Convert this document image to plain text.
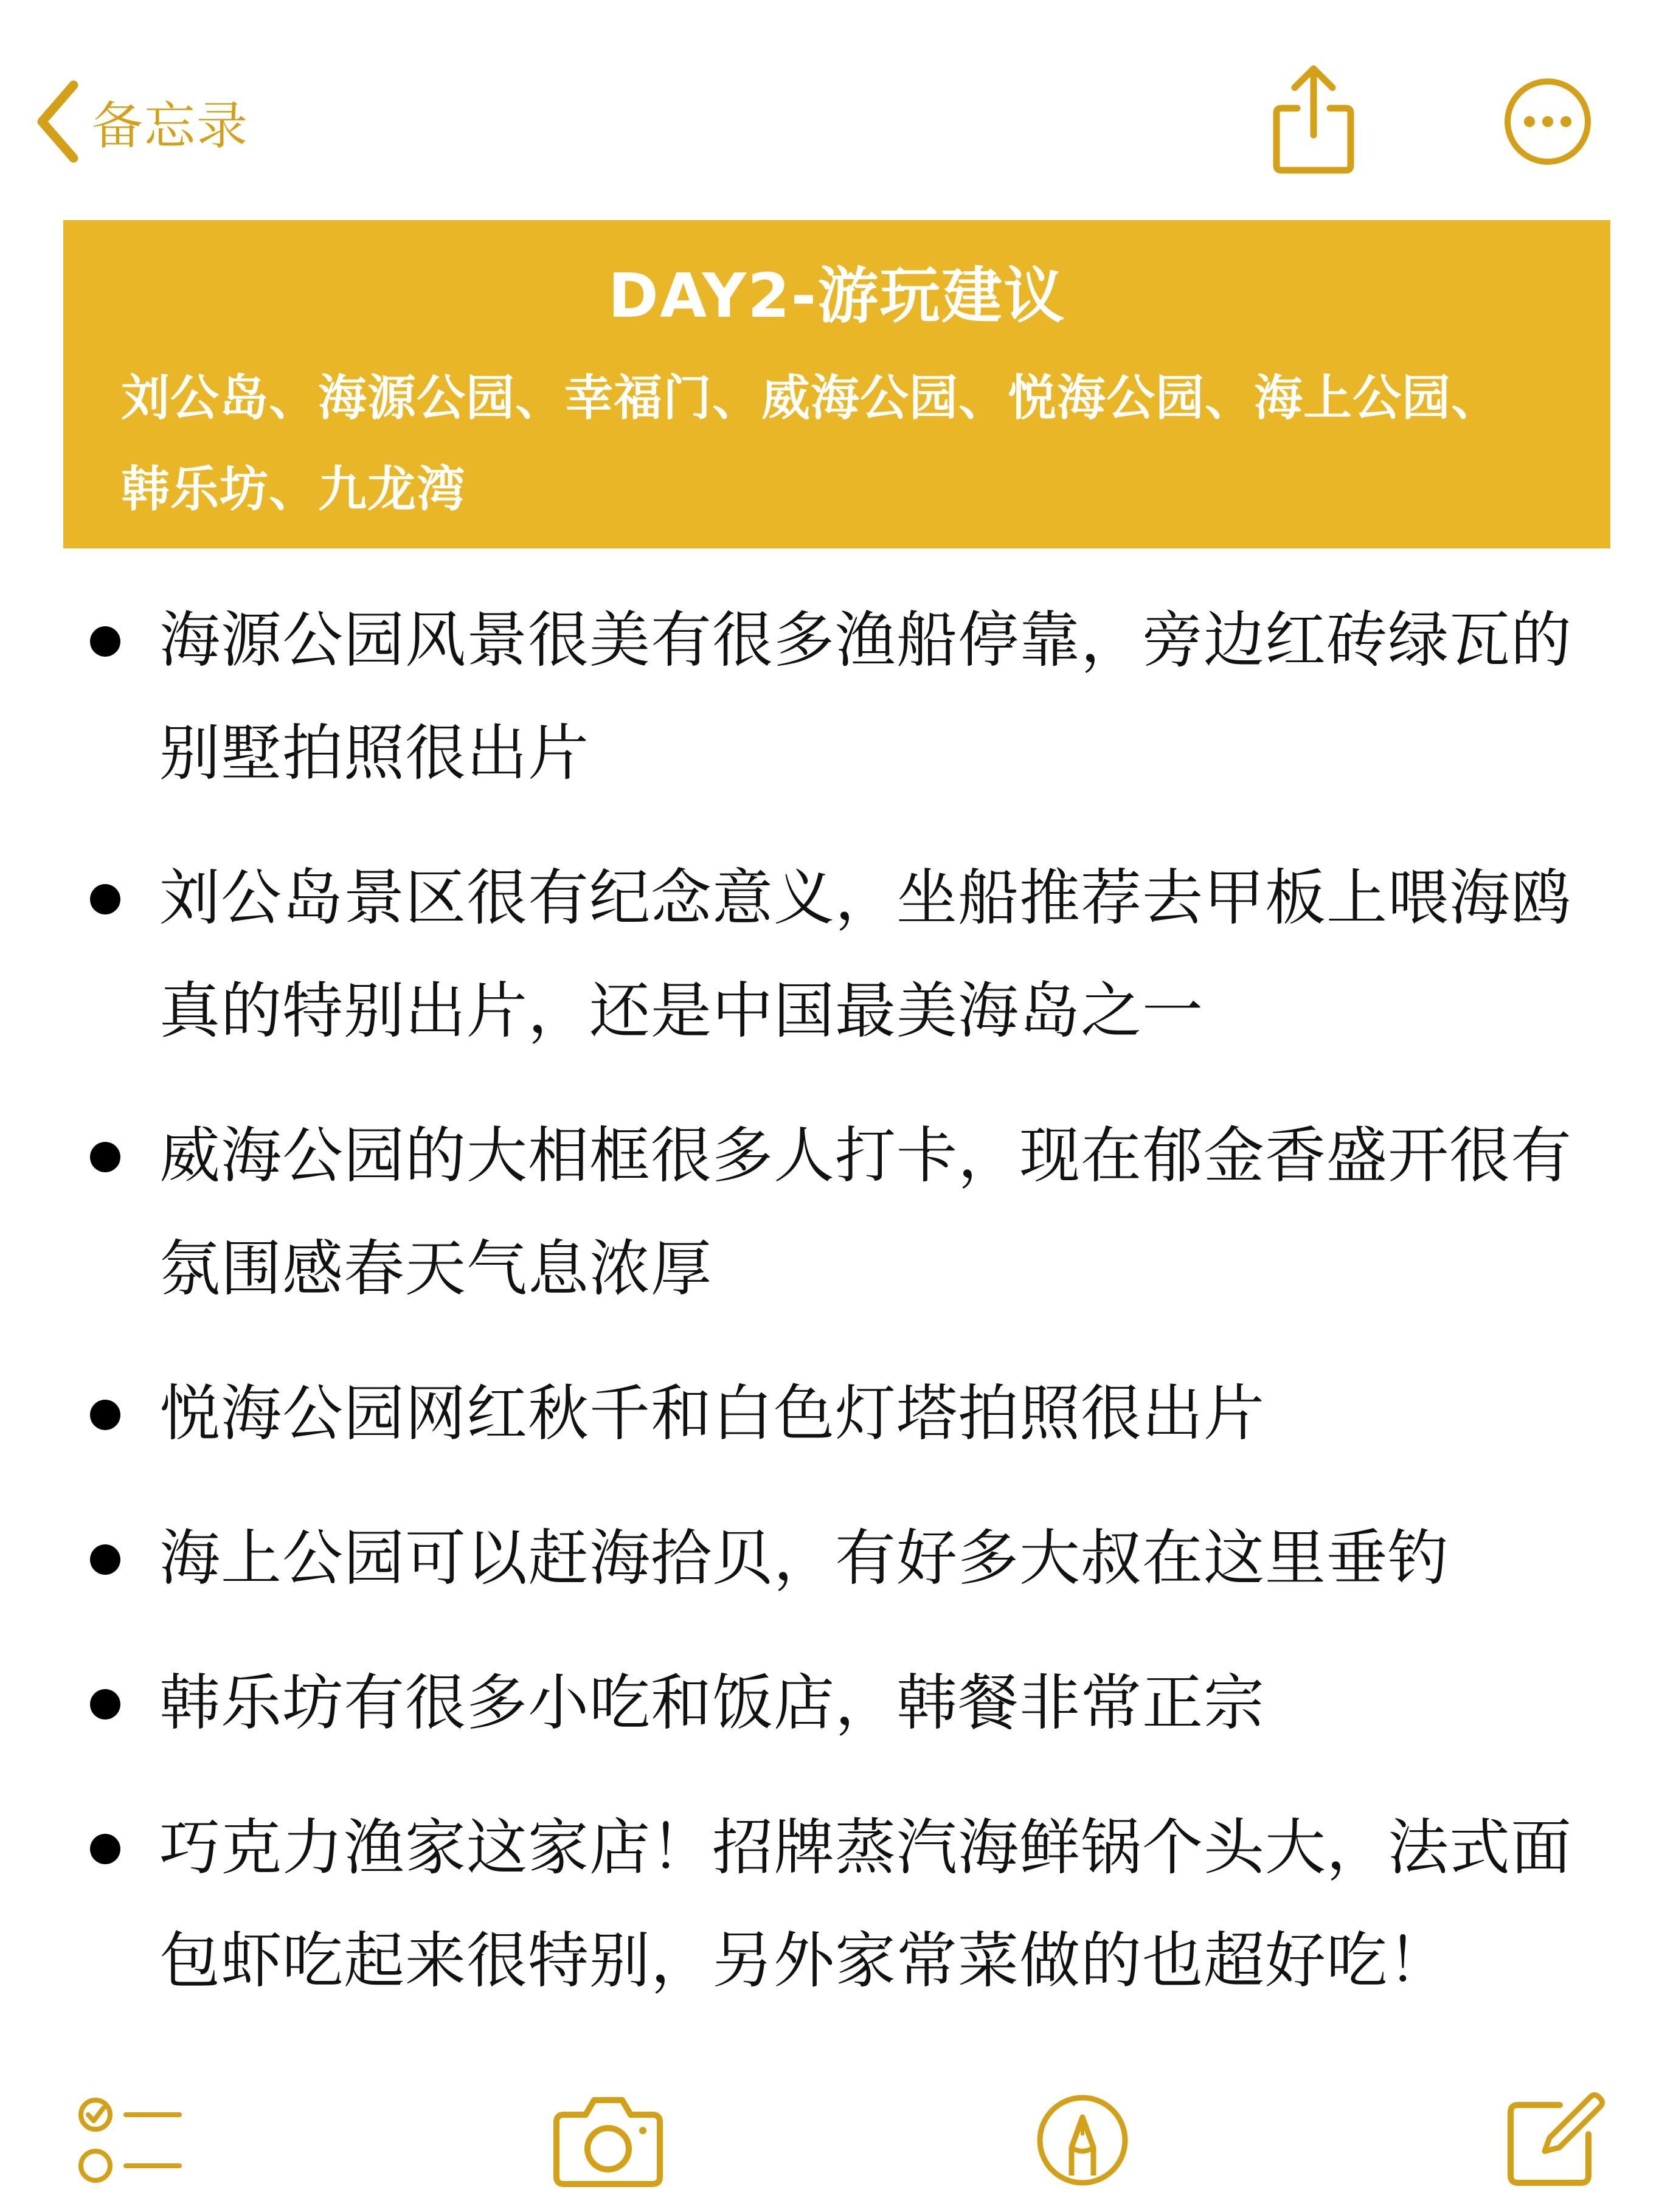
备忘录
DAY2-游玩建议
刘公岛、海源公园、幸福门、威海公园、悦海公园、海上公园、
韩乐坊、九龙湾
海源公园风景很美有很多渔船停靠，旁边红砖绿瓦的别墅拍照很出片
刘公岛景区很有纪念意义，坐船推荐去甲板上喂海鸥真的特别出片，还是中国最美海岛之一
威海公园的大相框很多人打卡，现在郁金香盛开很有氛围感春天气息浓厚
悦海公园网红秋千和白色灯塔拍照很出片
海上公园可以赶海拾贝，有好多大叔在这里垂钓
韩乐坊有很多小吃和饭店，韩餐非常正宗
巧克力渔家这家店！招牌蒸汽海鲜锅个头大，法式面包虾吃起来很特别，另外家常菜做的也超好吃！
